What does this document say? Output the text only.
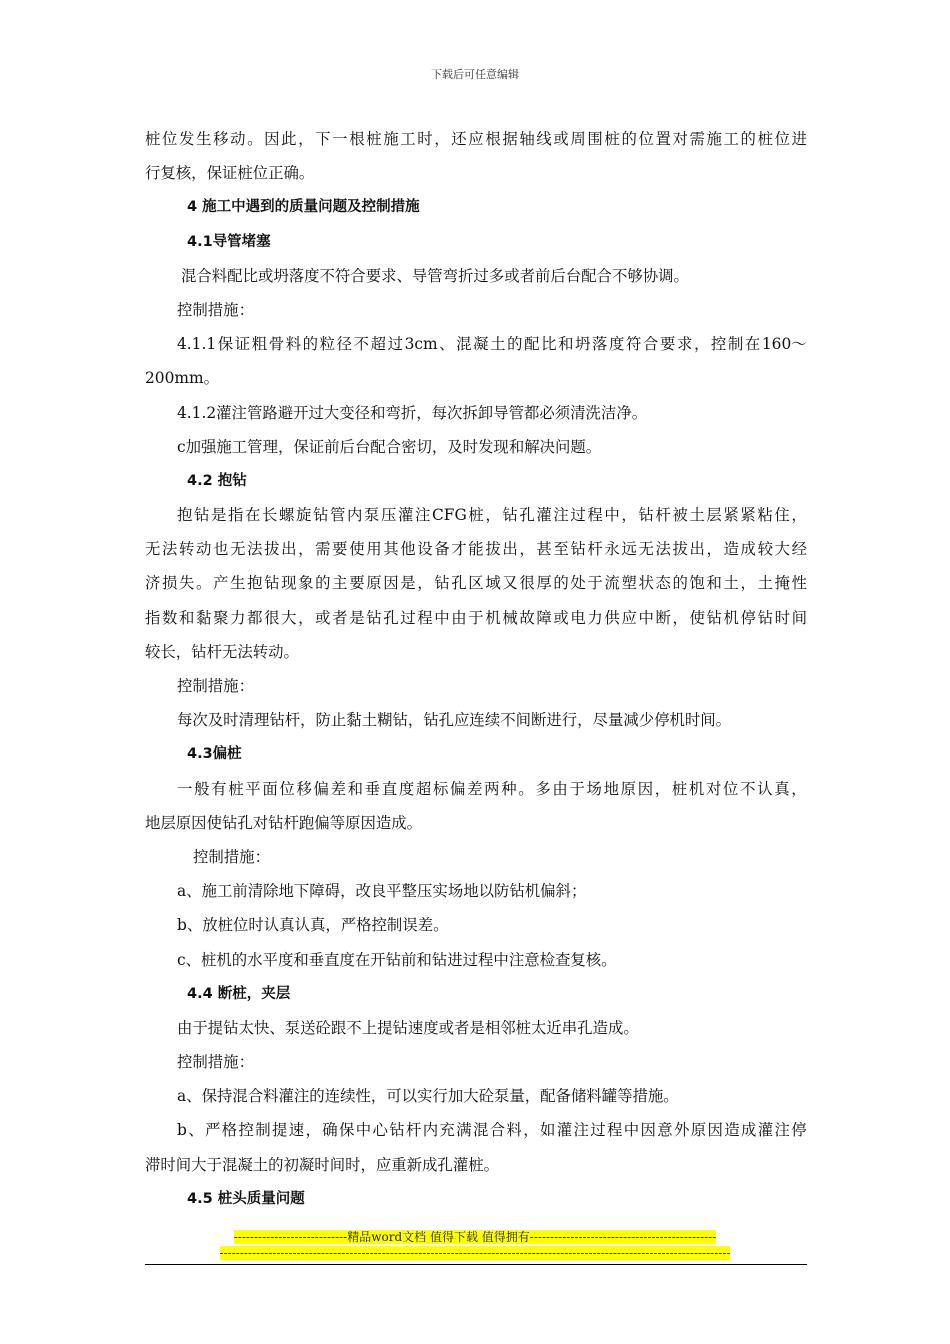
下载后可任意编辑
桩 位 发 生 移 动 。 因 此 ， 下 一 根 桩 施 工 时 ， 还 应 根 据 轴 线 或 周 围 桩 的 位 置 对 需 施 工 的 桩 位 进
行复核，保证桩位正确。
4 施工中遇到的质量问题及控制措施
4.1导管堵塞
混合料配比或坍落度不符合要求、导管弯折过多或者前后台配合不够协调。
控制措施：
4.1.1 保 证 粗 骨 料 的 粒 径 不 超 过 3cm 、 混 凝 土 的 配 比 和 坍 落 度 符 合 要 求 ， 控 制 在 160～
200mm。
4.1.2灌注管路避开过大变径和弯折，每次拆卸导管都必须清洗洁净。
c加强施工管理，保证前后台配合密切，及时发现和解决问题。
4.2 抱钻
抱 钻 是 指 在 长 螺 旋 钻 管 内 泵 压 灌 注 CFG 桩 ， 钻 孔 灌 注 过 程 中 ， 钻 杆 被 土 层 紧 紧 粘 住 ，
无 法 转 动 也 无 法 拔 出 ， 需 要 使 用 其 他 设 备 才 能 拔 出 ， 甚 至 钻 杆 永 远 无 法 拔 出 ， 造 成 较 大 经
济 损 失 。 产 生 抱 钻 现 象 的 主 要 原 因 是 ， 钻 孔 区 域 又 很 厚 的 处 于 流 塑 状 态 的 饱 和 土 ， 土 掩 性
指 数 和 黏 聚 力 都 很 大 ， 或 者 是 钻 孔 过 程 中 由 于 机 械 故 障 或 电 力 供 应 中 断 ， 使 钻 机 停 钻 时 间
较长，钻杆无法转动。
控制措施：
每次及时清理钻杆，防止黏土糊钻，钻孔应连续不间断进行，尽量减少停机时间。
4.3偏桩
一 般 有 桩 平 面 位 移 偏 差 和 垂 直 度 超 标 偏 差 两 种 。 多 由 于 场 地 原 因 ， 桩 机 对 位 不 认 真 ，
地层原因使钻孔对钻杆跑偏等原因造成。
控制措施：
a、施工前清除地下障碍，改良平整压实场地以防钻机偏斜；
b、放桩位时认真认真，严格控制误差。
c、桩机的水平度和垂直度在开钻前和钻进过程中注意检查复核。
4.4 断桩，夹层
由于提钻太快、泵送砼跟不上提钻速度或者是相邻桩太近串孔造成。
控制措施：
a、保持混合料灌注的连续性，可以实行加大砼泵量，配备储料罐等措施。
b 、 严 格 控 制 提 速 ， 确 保 中 心 钻 杆 内 充 满 混 合 料 ， 如 灌 注 过 程 中 因 意 外 原 因 造 成 灌 注 停
滞时间大于混凝土的初凝时间时，应重新成孔灌桩。
4.5 桩头质量问题
----------------------------精品word文档 值得下载 值得拥有----------------------------------------------
------------------------------------------------------------------------------------------------------------------------------
